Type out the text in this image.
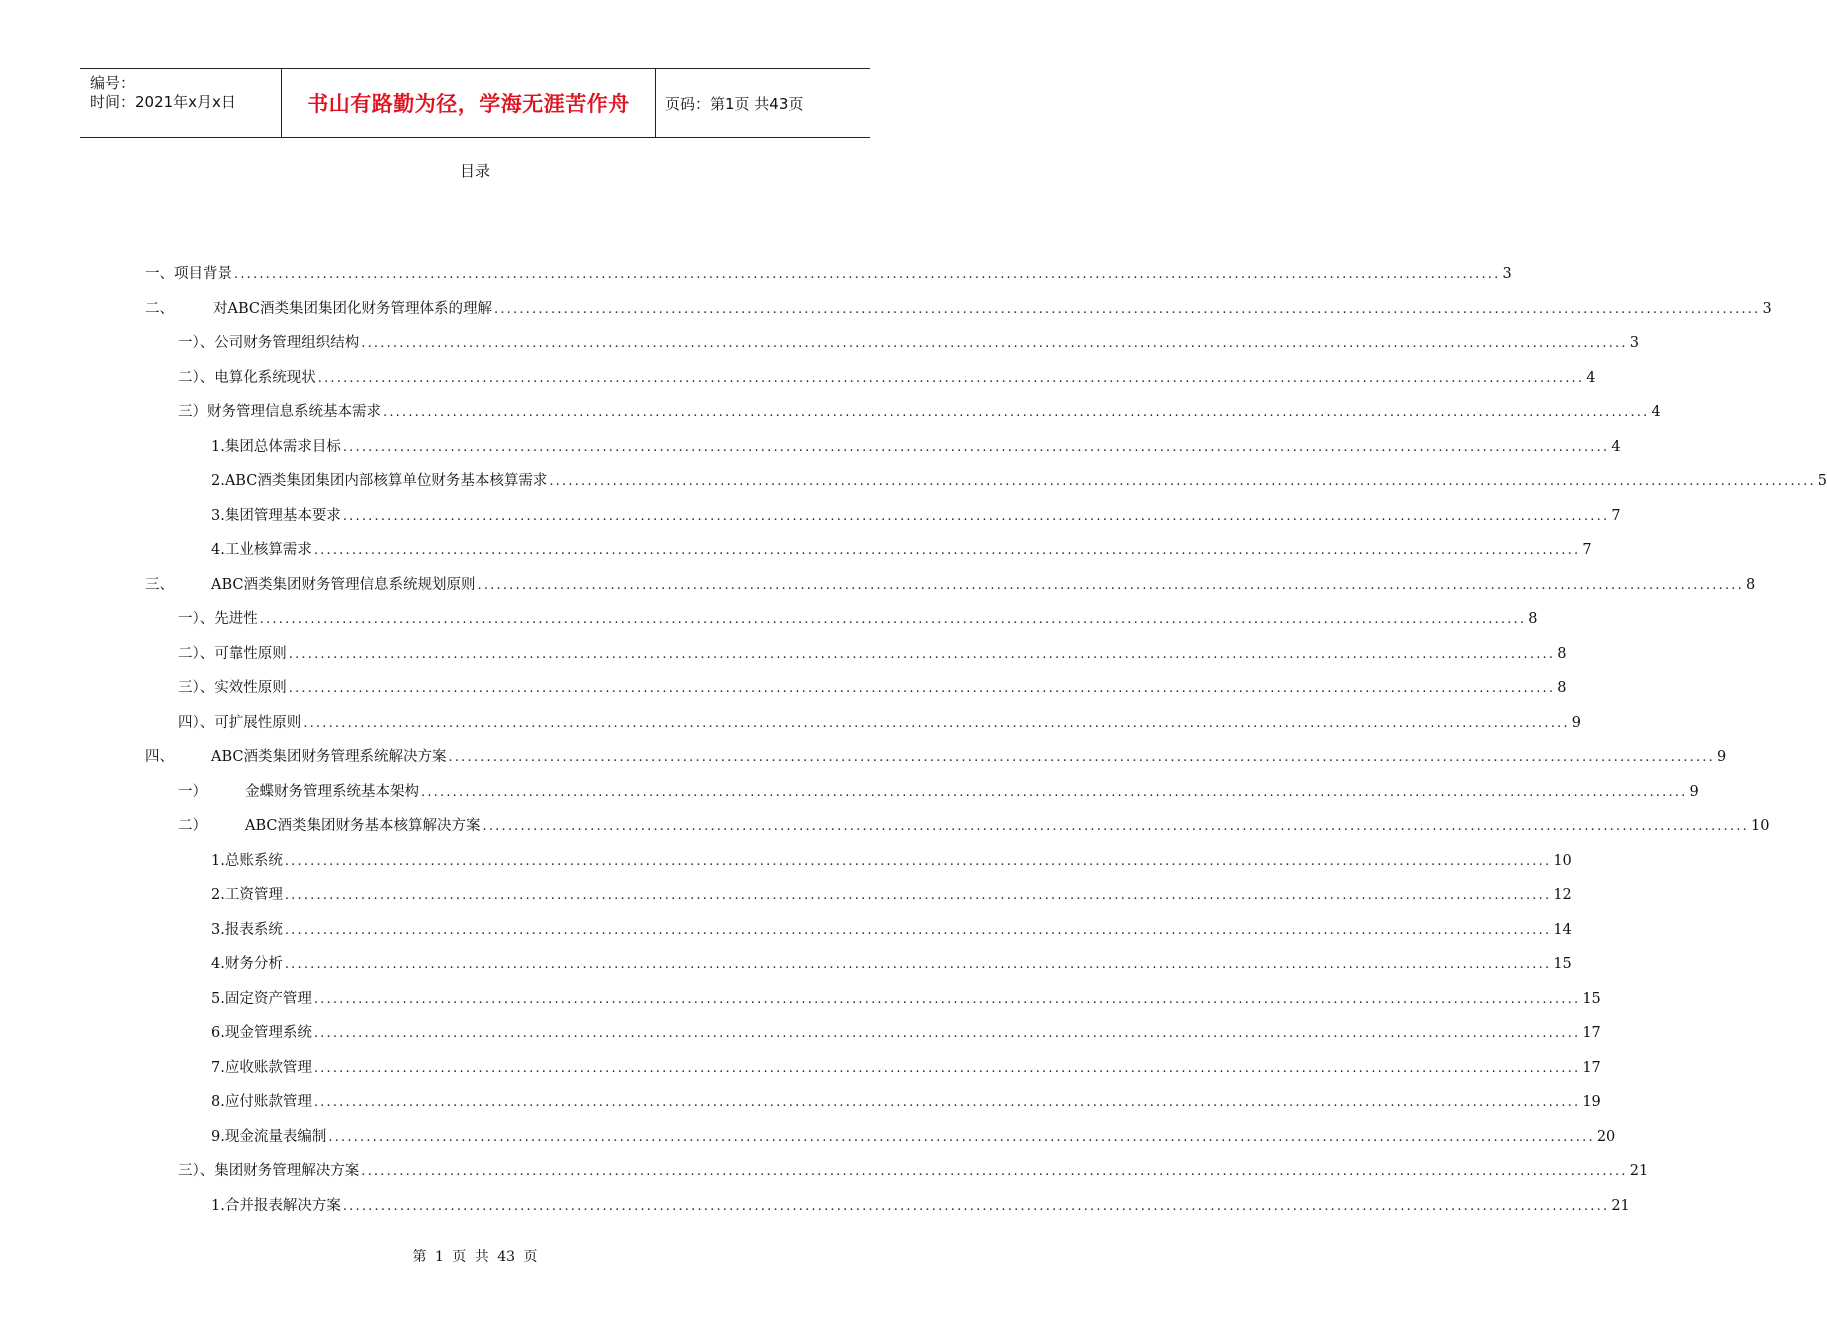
编号：
时间：2021年x月x日	书山有路勤为径，学海无涯苦作舟	页码：第1页 共43页
目录
一、项目背景 ........................................................................................................................................................................................................ 3
二、	对ABC酒类集团集团化财务管理体系的理解 ........................................................................................................................................................................................................ 3
一）、公司财务管理组织结构 ........................................................................................................................................................................................................ 3
二）、电算化系统现状 ........................................................................................................................................................................................................ 4
三）财务管理信息系统基本需求 ........................................................................................................................................................................................................ 4
1.集团总体需求目标 ........................................................................................................................................................................................................ 4
2.ABC酒类集团集团内部核算单位财务基本核算需求 ........................................................................................................................................................................................................ 5
3.集团管理基本要求 ........................................................................................................................................................................................................ 7
4.工业核算需求 ........................................................................................................................................................................................................ 7
三、	ABC酒类集团财务管理信息系统规划原则 ........................................................................................................................................................................................................ 8
一）、先进性 ........................................................................................................................................................................................................ 8
二）、可靠性原则 ........................................................................................................................................................................................................ 8
三）、实效性原则 ........................................................................................................................................................................................................ 8
四）、可扩展性原则 ........................................................................................................................................................................................................ 9
四、	ABC酒类集团财务管理系统解决方案 ........................................................................................................................................................................................................ 9
一）	金蝶财务管理系统基本架构 ........................................................................................................................................................................................................ 9
二）	ABC酒类集团财务基本核算解决方案 ........................................................................................................................................................................................................ 10
1.总账系统 ........................................................................................................................................................................................................ 10
2.工资管理 ........................................................................................................................................................................................................ 12
3.报表系统 ........................................................................................................................................................................................................ 14
4.财务分析 ........................................................................................................................................................................................................ 15
5.固定资产管理 ........................................................................................................................................................................................................ 15
6.现金管理系统 ........................................................................................................................................................................................................ 17
7.应收账款管理 ........................................................................................................................................................................................................ 17
8.应付账款管理 ........................................................................................................................................................................................................ 19
9.现金流量表编制 ........................................................................................................................................................................................................ 20
三）、集团财务管理解决方案 ........................................................................................................................................................................................................ 21
1.合并报表解决方案 ........................................................................................................................................................................................................ 21
第 1 页 共 43 页
